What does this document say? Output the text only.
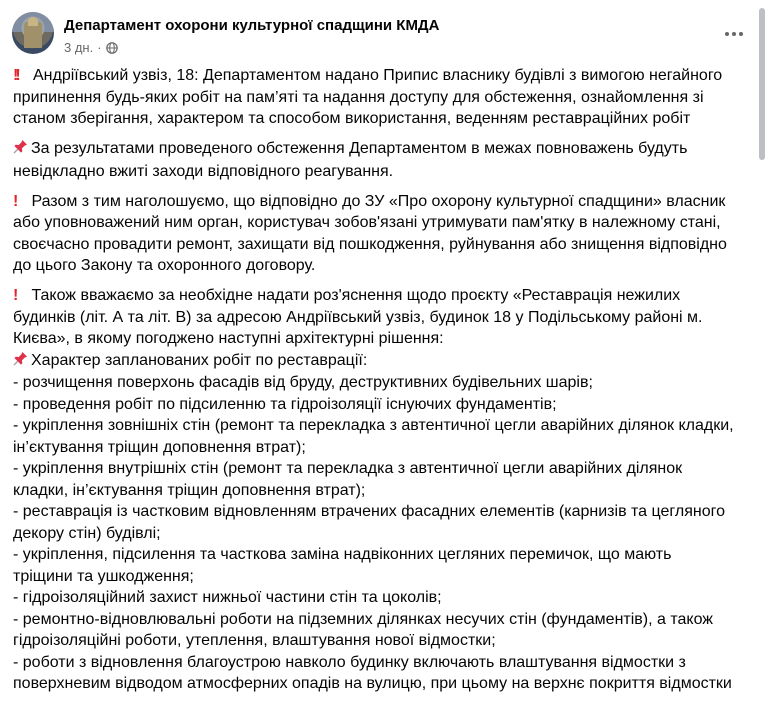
Департамент охорони культурної спадщини КМДА
3 дн. ·

!! Андріївський узвіз, 18: Департаментом надано Припис власнику будівлі з вимогою негайного

припинення будь-яких робіт на пам’яті та надання доступу для обстеження, ознайомлення зі

станом зберігання, характером та способом використання, веденням реставраційних робіт

За результатами проведеного обстеження Департаментом в межах повноважень будуть

невідкладно вжиті заходи відповідного реагування.

! Разом з тим наголошуємо, що відповідно до ЗУ «Про охорону культурної спадщини» власник

або уповноважений ним орган, користувач зобов'язані утримувати пам'ятку в належному стані,

своєчасно провадити ремонт, захищати від пошкодження, руйнування або знищення відповідно

до цього Закону та охоронного договору.

! Також вважаємо за необхідне надати роз'яснення щодо проєкту «Реставрація нежилих

будинків (літ. А та літ. В) за адресою Андріївський узвіз, будинок 18 у Подільському районі м.

Києва», в якому погоджено наступні архітектурні рішення:

Характер запланованих робіт по реставрації:

- розчищення поверхонь фасадів від бруду, деструктивних будівельних шарів;

- проведення робіт по підсиленню та гідроізоляції існуючих фундаментів;

- укріплення зовнішніх стін (ремонт та перекладка з автентичної цегли аварійних ділянок кладки,

ін’єктування тріщин доповнення втрат);

- укріплення внутрішніх стін (ремонт та перекладка з автентичної цегли аварійних ділянок

кладки, ін’єктування тріщин доповнення втрат);

- реставрація із частковим відновленням втрачених фасадних елементів (карнизів та цегляного

декору стін) будівлі;

- укріплення, підсилення та часткова заміна надвіконних цегляних перемичок, що мають

тріщини та ушкодження;

- гідроізоляційний захист нижньої частини стін та цоколів;

- ремонтно-відновлювальні роботи на підземних ділянках несучих стін (фундаментів), а також

гідроізоляційні роботи, утеплення, влаштування нової відмостки;

- роботи з відновлення благоустрою навколо будинку включають влаштування відмостки з

поверхневим відводом атмосферних опадів на вулицю, при цьому на верхнє покриття відмостки
